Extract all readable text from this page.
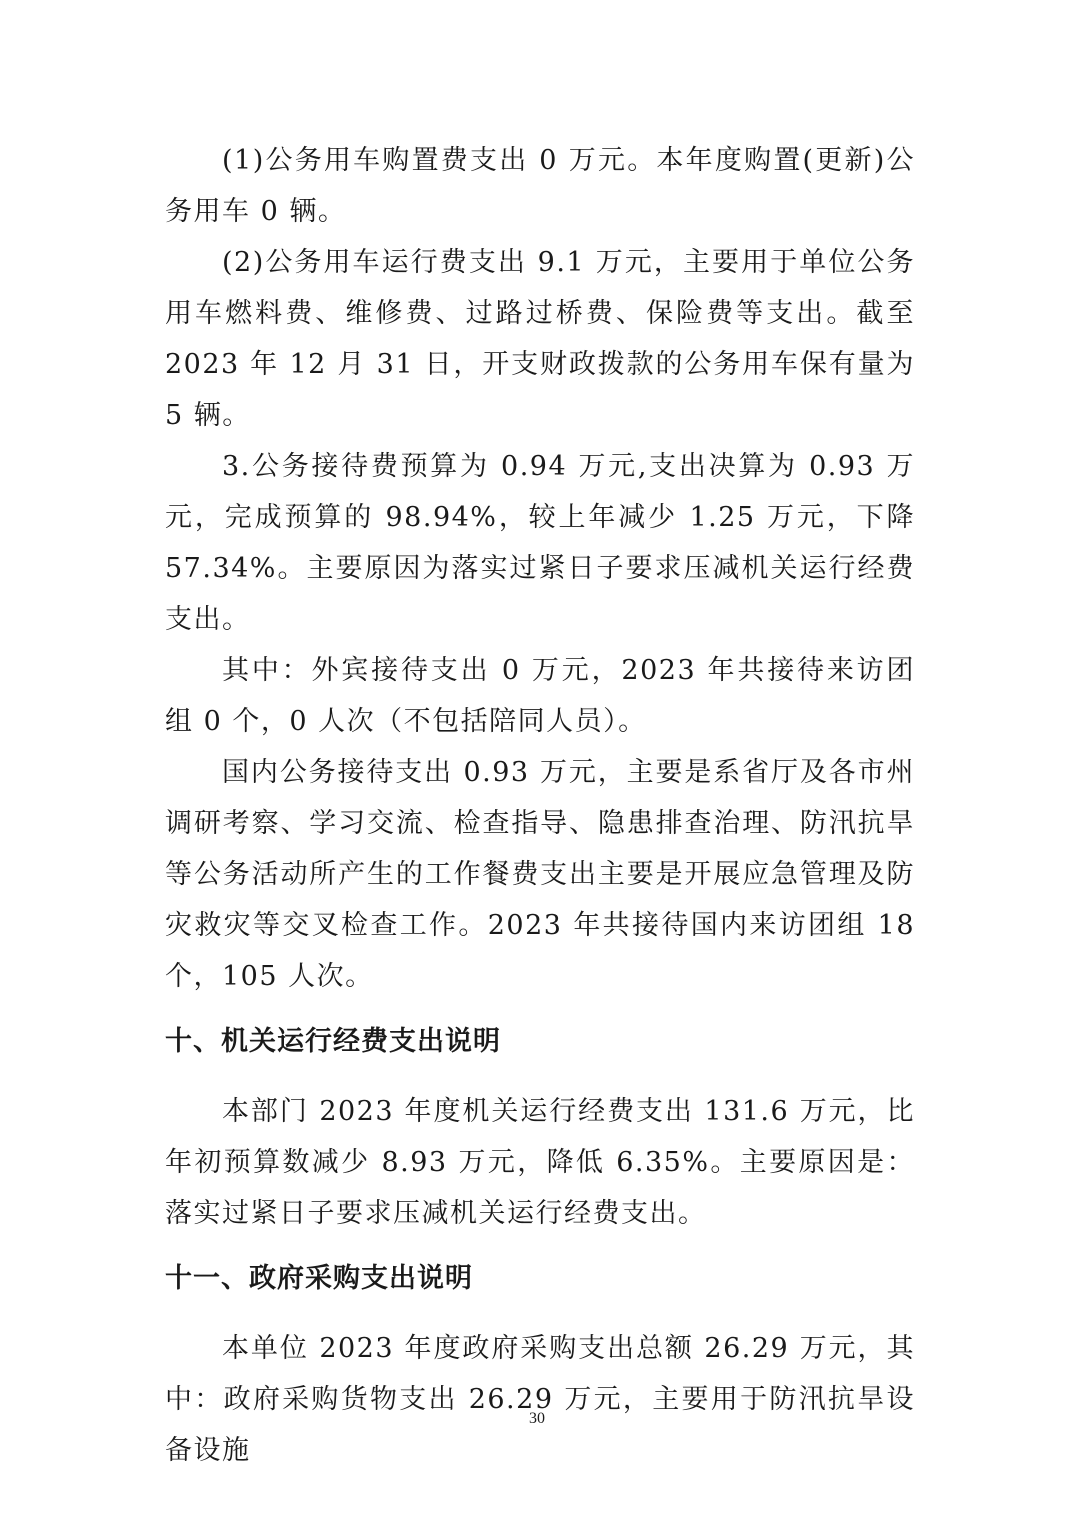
(1)公务用车购置费支出 0 万元。本年度购置(更新)公务用车 0 辆。

(2)公务用车运行费支出 9.1 万元，主要用于单位公务用车燃料费、维修费、过路过桥费、保险费等支出。截至 2023 年 12 月 31 日，开支财政拨款的公务用车保有量为 5 辆。

3.公务接待费预算为 0.94 万元,支出决算为 0.93 万元，完成预算的 98.94%，较上年减少 1.25 万元，下降 57.34%。主要原因为落实过紧日子要求压减机关运行经费支出。

其中：外宾接待支出 0 万元，2023 年共接待来访团组 0 个，0 人次（不包括陪同人员）。

国内公务接待支出 0.93 万元，主要是系省厅及各市州调研考察、学习交流、检查指导、隐患排查治理、防汛抗旱等公务活动所产生的工作餐费支出主要是开展应急管理及防灾救灾等交叉检查工作。2023 年共接待国内来访团组 18 个，105 人次。

十、机关运行经费支出说明

本部门 2023 年度机关运行经费支出 131.6 万元，比年初预算数减少 8.93 万元，降低 6.35%。主要原因是：落实过紧日子要求压减机关运行经费支出。

十一、政府采购支出说明

本单位 2023 年度政府采购支出总额 26.29 万元，其中：政府采购货物支出 26.29 万元，主要用于防汛抗旱设备设施

30
